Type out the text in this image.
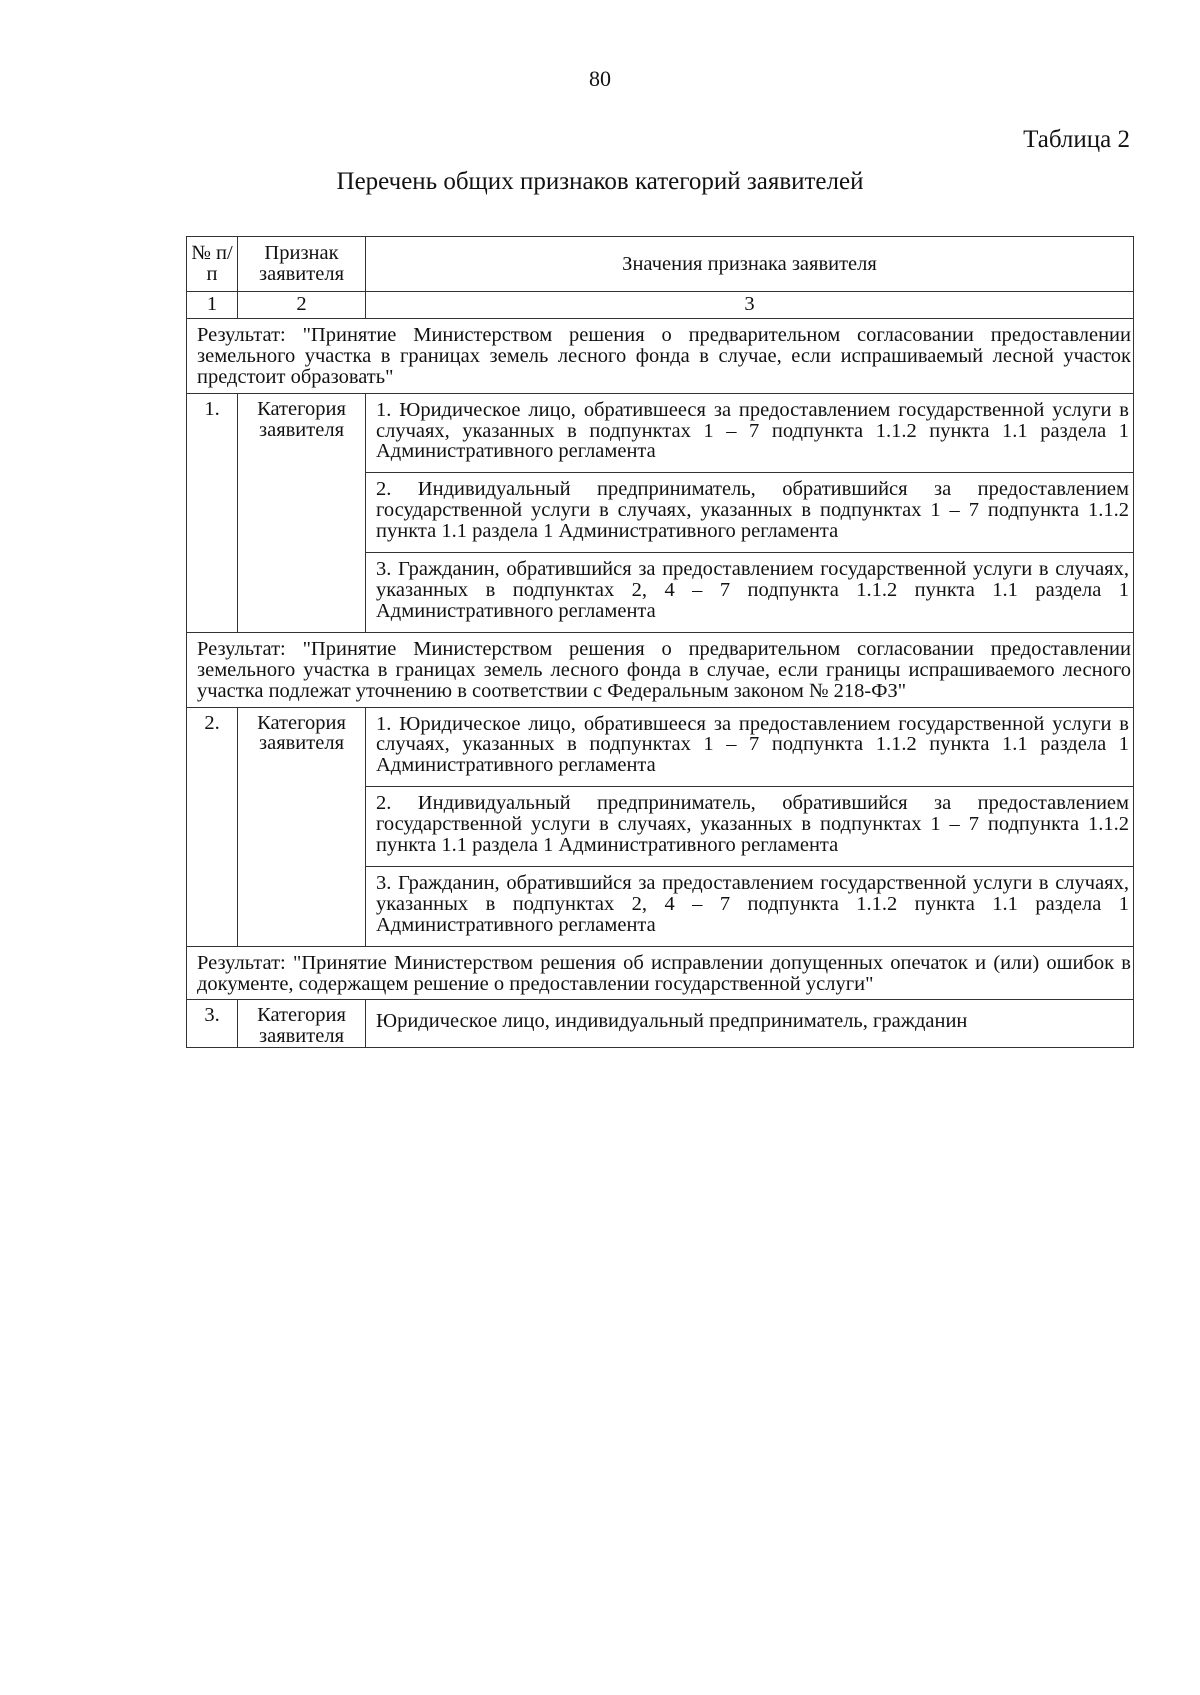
80
Таблица 2
Перечень общих признаков категорий заявителей
№ п/п	Признак заявителя	Значения признака заявителя
1	2	3
Результат: "Принятие Министерством решения о предварительном согласовании предоставлении земельного участка в границах земель лесного фонда в случае, если испрашиваемый лесной участок предстоит образовать"		
1.	Категория заявителя	1. Юридическое лицо, обратившееся за предоставлением государственной услуги в случаях, указанных в подпунктах 1 – 7 подпункта 1.1.2 пункта 1.1 раздела 1 Административного регламента
		2. Индивидуальный предприниматель, обратившийся за предоставлением государственной услуги в случаях, указанных в подпунктах 1 – 7 подпункта 1.1.2 пункта 1.1 раздела 1 Административного регламента
		3. Гражданин, обратившийся за предоставлением государственной услуги в случаях, указанных в подпунктах 2, 4 – 7 подпункта 1.1.2 пункта 1.1 раздела 1 Административного регламента
Результат: "Принятие Министерством решения о предварительном согласовании предоставлении земельного участка в границах земель лесного фонда в случае, если границы испрашиваемого лесного участка подлежат уточнению в соответствии с Федеральным законом № 218-ФЗ"		
2.	Категория заявителя	1. Юридическое лицо, обратившееся за предоставлением государственной услуги в случаях, указанных в подпунктах 1 – 7 подпункта 1.1.2 пункта 1.1 раздела 1 Административного регламента
		2. Индивидуальный предприниматель, обратившийся за предоставлением государственной услуги в случаях, указанных в подпунктах 1 – 7 подпункта 1.1.2 пункта 1.1 раздела 1 Административного регламента
		3. Гражданин, обратившийся за предоставлением государственной услуги в случаях, указанных в подпунктах 2, 4 – 7 подпункта 1.1.2 пункта 1.1 раздела 1 Административного регламента
Результат: "Принятие Министерством решения об исправлении допущенных опечаток и (или) ошибок в документе, содержащем решение о предоставлении государственной услуги"		
3.	Категория заявителя	Юридическое лицо, индивидуальный предприниматель, гражданин
